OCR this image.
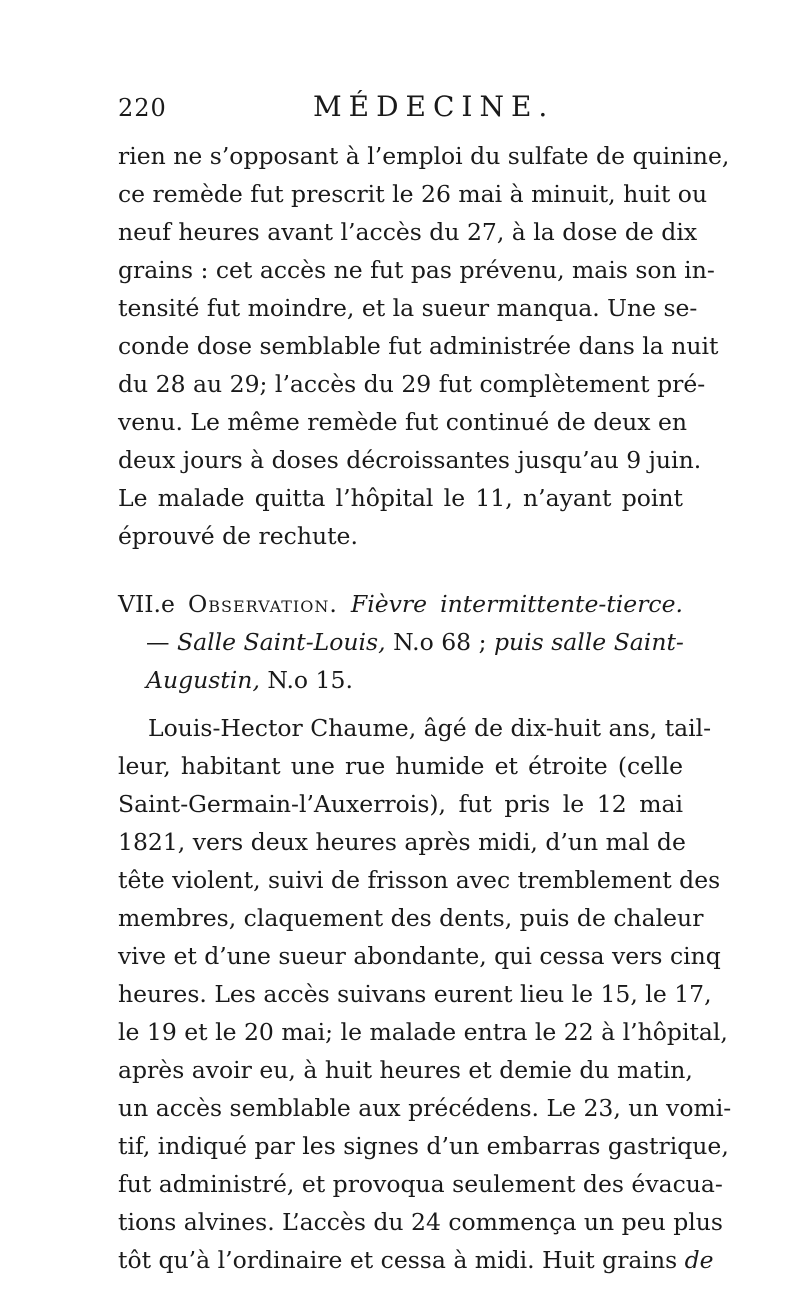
220	MÉDECINE.
rien ne s’opposant à l’emploi du sulfate de quinine,
ce remède fut prescrit le 26 mai à minuit, huit ou
neuf heures avant l’accès du 27, à la dose de dix
grains : cet accès ne fut pas prévenu, mais son in-
tensité fut moindre, et la sueur manqua. Une se-
conde dose semblable fut administrée dans la nuit
du 28 au 29; l’accès du 29 fut complètement pré-
venu. Le même remède fut continué de deux en
deux jours à doses décroissantes jusqu’au 9 juin.
Le malade quitta l’hôpital le 11, n’ayant point
éprouvé de rechute.
VII.e Observation. Fièvre intermittente-tierce.
— Salle Saint-Louis, N.o 68 ; puis salle Saint-
Augustin, N.o 15.
Louis-Hector Chaume, âgé de dix-huit ans, tail-
leur, habitant une rue humide et étroite (celle
Saint-Germain-l’Auxerrois), fut pris le 12 mai
1821, vers deux heures après midi, d’un mal de
tête violent, suivi de frisson avec tremblement des
membres, claquement des dents, puis de chaleur
vive et d’une sueur abondante, qui cessa vers cinq
heures. Les accès suivans eurent lieu le 15, le 17,
le 19 et le 20 mai; le malade entra le 22 à l’hôpital,
après avoir eu, à huit heures et demie du matin,
un accès semblable aux précédens. Le 23, un vomi-
tif, indiqué par les signes d’un embarras gastrique,
fut administré, et provoqua seulement des évacua-
tions alvines. L’accès du 24 commença un peu plus
tôt qu’à l’ordinaire et cessa à midi. Huit grains de
